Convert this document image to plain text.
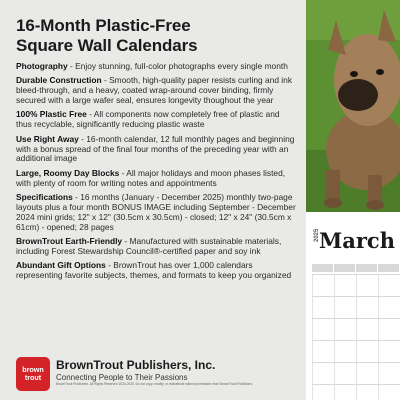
16-Month Plastic-Free
Square Wall Calendars
Photography - Enjoy stunning, full-color photographs every single month
Durable Construction - Smooth, high-quality paper resists curling and ink bleed-through, and a heavy, coated wrap-around cover binding, firmly secured with a large wafer seal, ensures longevity thoughout the year
100% Plastic Free - All components now completely free of plastic and thus recyclable, significantly reducing plastic waste
Use Right Away - 16-month calendar, 12 full monthly pages and beginning with a bonus spread of the final four months of the preceding year with an additional image
Large, Roomy Day Blocks - All major holidays and moon phases listed, with plenty of room for writing notes and appointments
Specifications - 16 months (January - December 2025) monthly two-page layouts plus a four month BONUS IMAGE including September - December 2024 mini grids; 12" x 12" (30.5cm x 30.5cm) - closed; 12" x 24" (30.5cm x 61cm) - opened; 28 pages
BrownTrout Earth-Friendly - Manufactured with sustainable materials, including Forest Stewardship Council®-certified paper and soy ink
Abundant Gift Options - BrownTrout has over 1,000 calendars representing favorite subjects, themes, and formats to keep you organized
brown
trout
BrownTrout Publishers, Inc.
Connecting People to Their Passions
BrownTrout Publishers. All Rights Reserved 2024-2025. Do not copy, modify, or redistribute without permission from BrownTrout Publishers.
2025 March
